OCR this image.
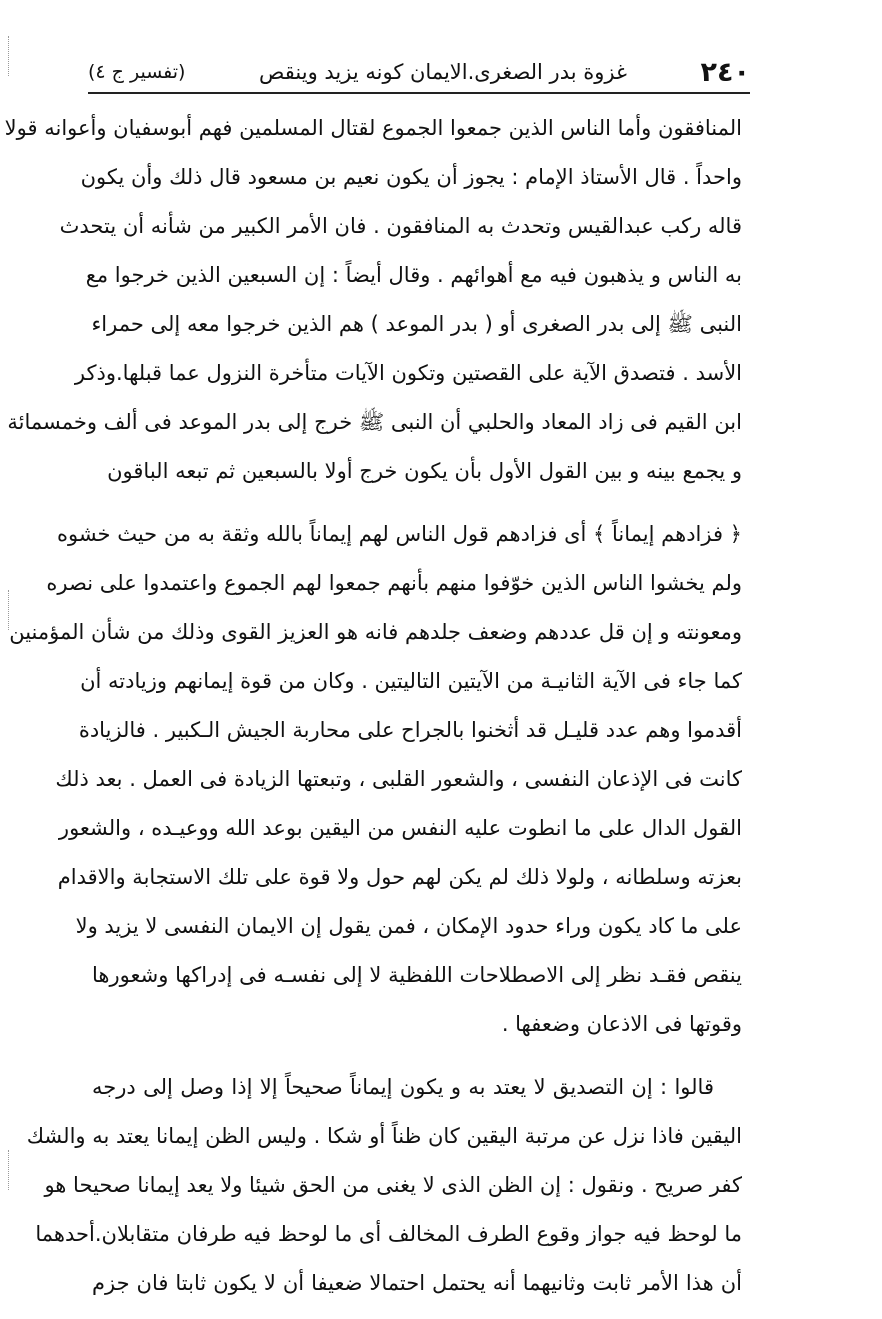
٢٤٠
غزوة بدر الصغرى.الايمان كونه يزيد وينقص
(تفسير ج ٤)
المنافقون وأما الناس الذين جمعوا الجموع لقتال المسلمين فهم أبوسفيان وأعوانه قولا
واحداً . قال الأستاذ الإمام : يجوز أن يكون نعيم بن مسعود قال ذلك وأن يكون
قاله ركب عبدالقيس وتحدث به المنافقون . فان الأمر الكبير من شأنه أن يتحدث
به الناس و يذهبون فيه مع أهوائهم . وقال أيضاً : إن السبعين الذين خرجوا مع
النبى ﷺ إلى بدر الصغرى أو ( بدر الموعد ) هم الذين خرجوا معه إلى حمراء
الأسد . فتصدق الآية على القصتين وتكون الآيات متأخرة النزول عما قبلها.وذكر
ابن القيم فى زاد المعاد والحلبي أن النبى ﷺ خرج إلى بدر الموعد فى ألف وخمسمائة
و يجمع بينه و بين القول الأول بأن يكون خرج أولا بالسبعين ثم تبعه الباقون
﴿ فزادهم إيماناً ﴾ أى فزادهم قول الناس لهم إيماناً بالله وثقة به من حيث خشوه
ولم يخشوا الناس الذين خوّفوا منهم بأنهم جمعوا لهم الجموع واعتمدوا على نصره
ومعونته و إن قل عددهم وضعف جلدهم فانه هو العزيز القوى وذلك من شأن المؤمنين
كما جاء فى الآية الثانيـة من الآيتين التاليتين . وكان من قوة إيمانهم وزيادته أن
أقدموا وهم عدد قليـل قد أثخنوا بالجراح على محاربة الجيش الـكبير . فالزيادة
كانت فى الإذعان النفسى ، والشعور القلبى ، وتبعتها الزيادة فى العمل . بعد ذلك
القول الدال على ما انطوت عليه النفس من اليقين بوعد الله ووعيـده ، والشعور
بعزته وسلطانه ، ولولا ذلك لم يكن لهم حول ولا قوة على تلك الاستجابة والاقدام
على ما كاد يكون وراء حدود الإمكان ، فمن يقول إن الايمان النفسى لا يزيد ولا
ينقص فقـد نظر إلى الاصطلاحات اللفظية لا إلى نفسـه فى إدراكها وشعورها
وقوتها فى الاذعان وضعفها .
قالوا : إن التصديق لا يعتد به و يكون إيماناً صحيحاً إلا إذا وصل إلى درجه
اليقين فاذا نزل عن مرتبة اليقين كان ظناً أو شكا . وليس الظن إيمانا يعتد به والشك
كفر صريح . ونقول : إن الظن الذى لا يغنى من الحق شيئا ولا يعد إيمانا صحيحا هو
ما لوحظ فيه جواز وقوع الطرف المخالف أى ما لوحظ فيه طرفان متقابلان.أحدهما
أن هذا الأمر ثابت وثانيهما أنه يحتمل احتمالا ضعيفا أن لا يكون ثابتا فان جزم
